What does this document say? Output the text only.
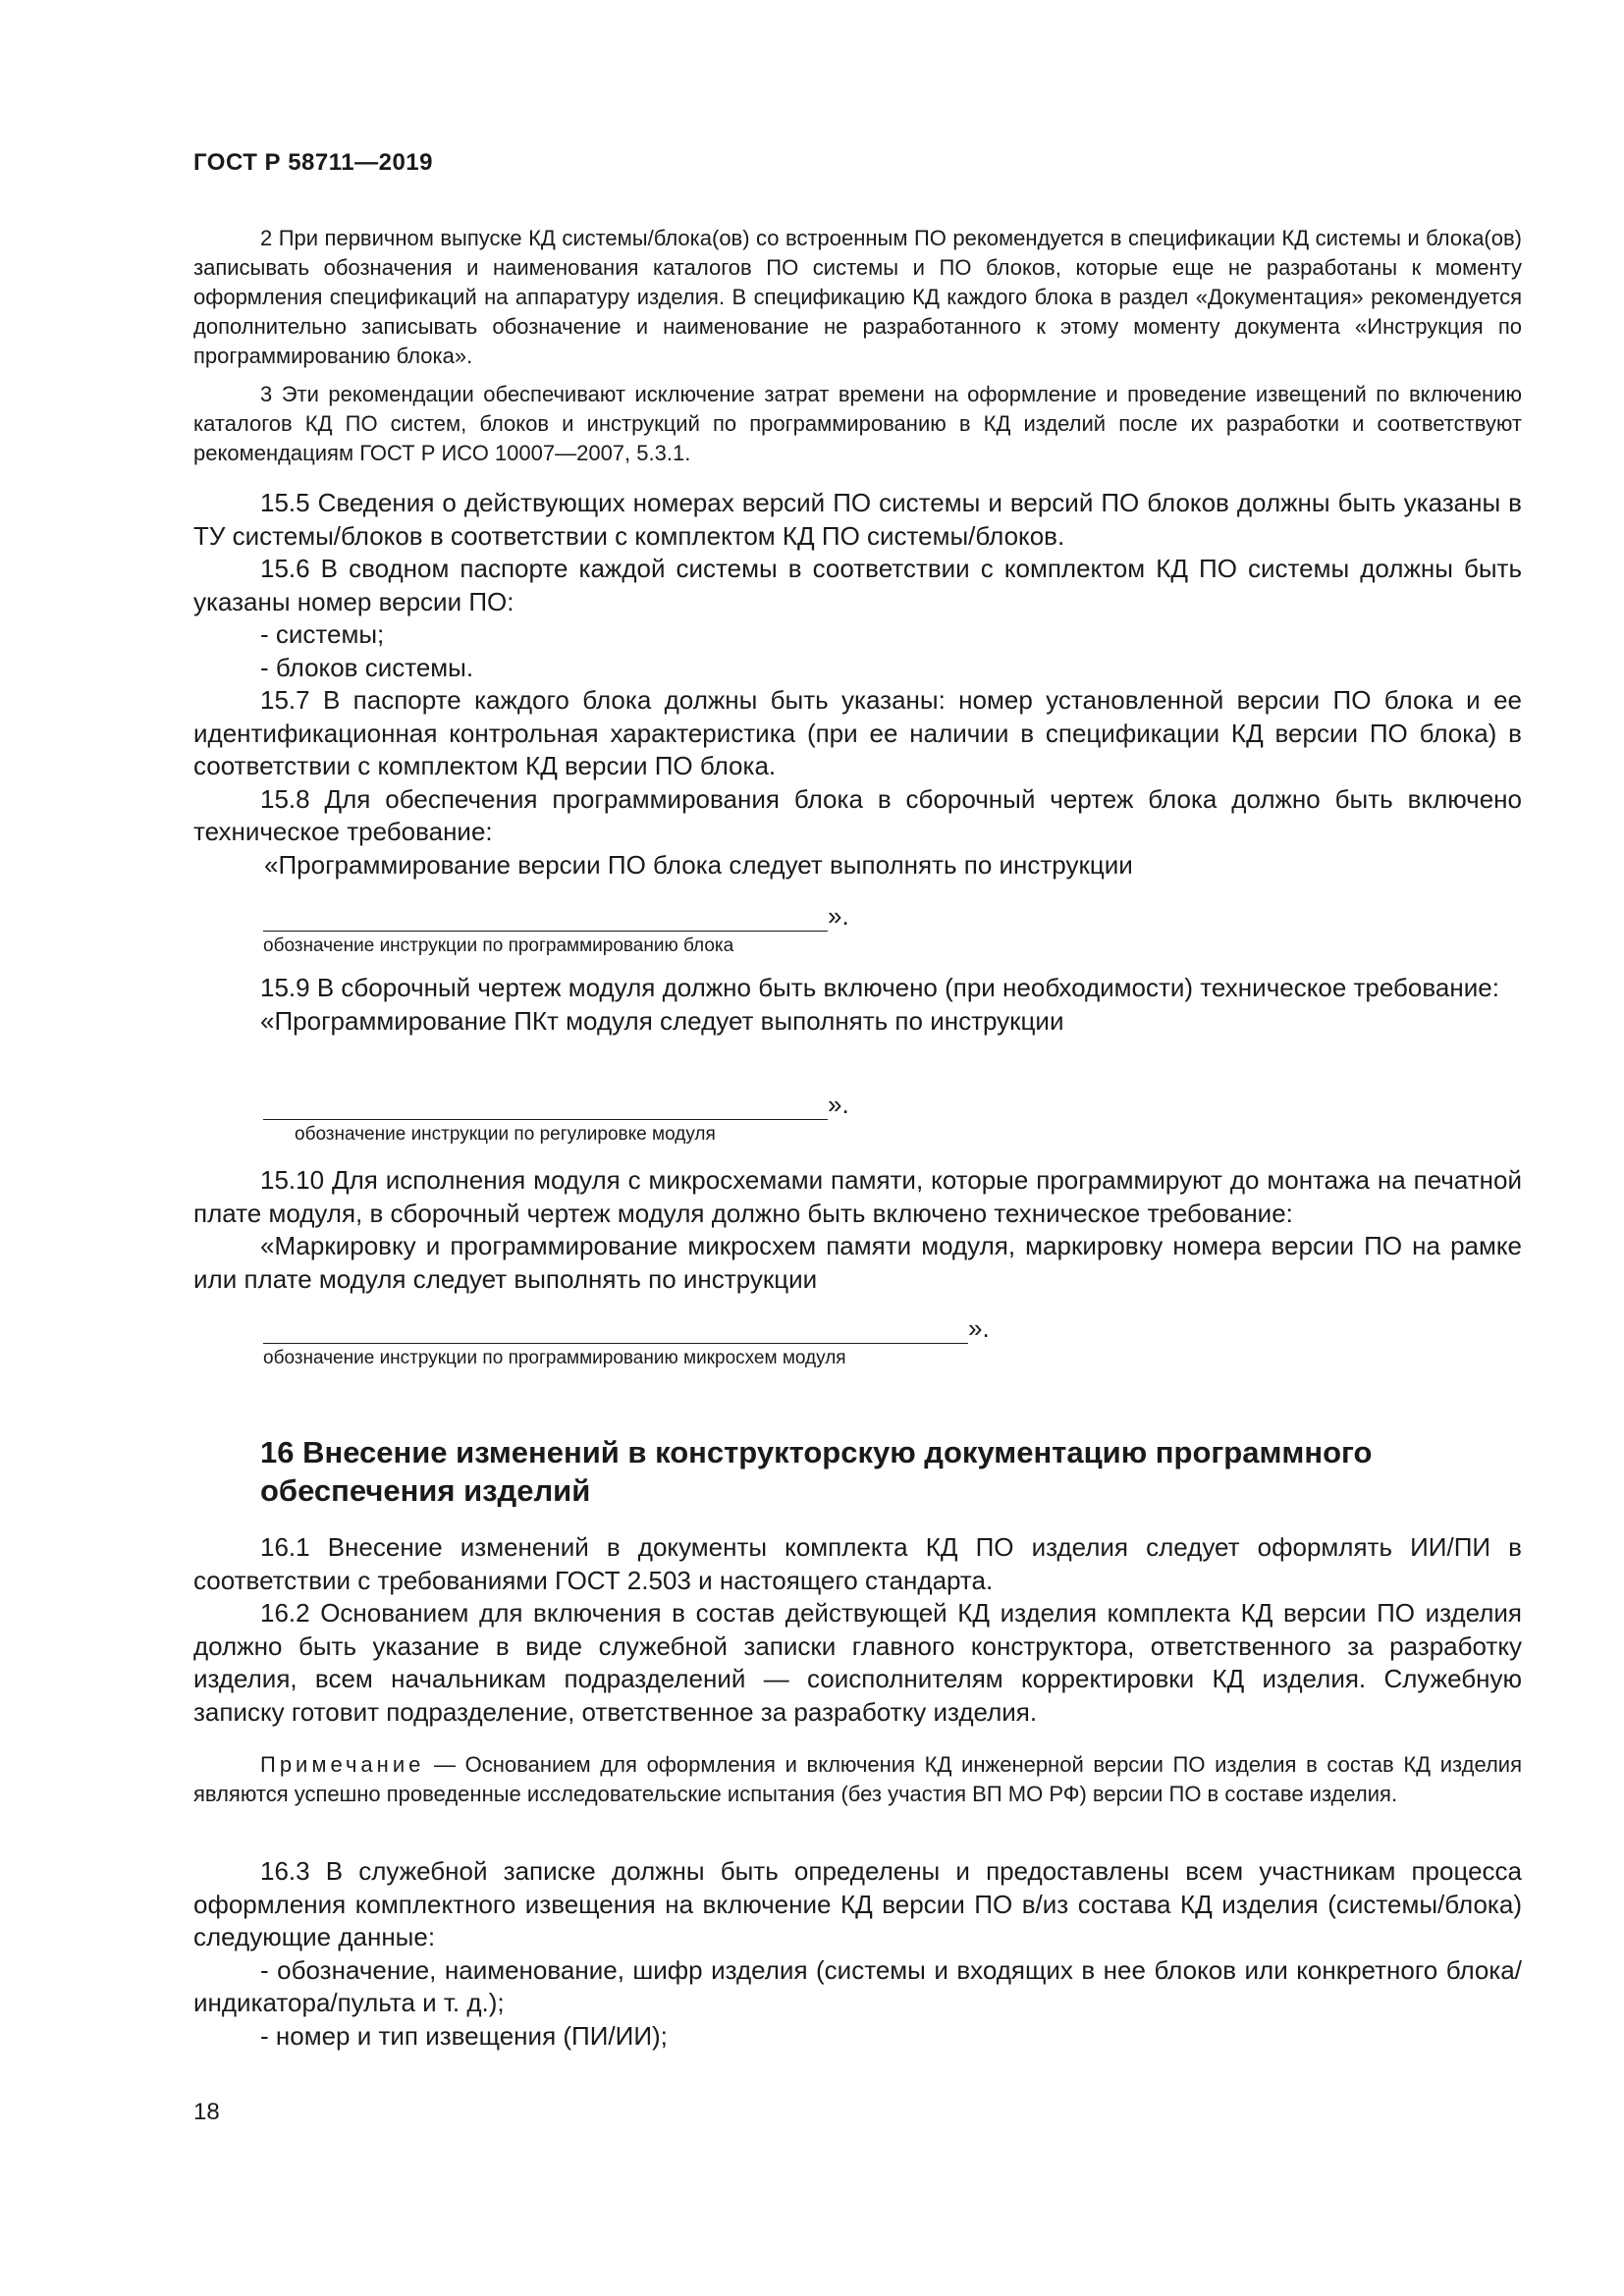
ГОСТ Р 58711—2019

2 При первичном выпуске КД системы/блока(ов) со встроенным ПО рекомендуется в спецификации КД системы и блока(ов) записывать обозначения и наименования каталогов ПО системы и ПО блоков, которые еще не разработаны к моменту оформления спецификаций на аппаратуру изделия. В спецификацию КД каждого блока в раздел «Документация» рекомендуется дополнительно записывать обозначение и наименование не разработанного к этому моменту документа «Инструкция по программированию блока».

3 Эти рекомендации обеспечивают исключение затрат времени на оформление и проведение извещений по включению каталогов КД ПО систем, блоков и инструкций по программированию в КД изделий после их разработки и соответствуют рекомендациям ГОСТ Р ИСО 10007—2007, 5.3.1.

15.5 Сведения о действующих номерах версий ПО системы и версий ПО блоков должны быть указаны в ТУ системы/блоков в соответствии с комплектом КД ПО системы/блоков.

15.6 В сводном паспорте каждой системы в соответствии с комплектом КД ПО системы должны быть указаны номер версии ПО:

- системы;
- блоков системы.

15.7 В паспорте каждого блока должны быть указаны: номер установленной версии ПО блока и ее идентификационная контрольная характеристика (при ее наличии в спецификации КД версии ПО блока) в соответствии с комплектом КД версии ПО блока.

15.8 Для обеспечения программирования блока в сборочный чертеж блока должно быть включено техническое требование:

«Программирование версии ПО блока следует выполнять по инструкции
».
обозначение инструкции по программированию блока

15.9 В сборочный чертеж модуля должно быть включено (при необходимости) техническое требование:

«Программирование ПКт модуля следует выполнять по инструкции
».
обозначение инструкции по регулировке модуля

15.10 Для исполнения модуля с микросхемами памяти, которые программируют до монтажа на печатной плате модуля, в сборочный чертеж модуля должно быть включено техническое требование:

«Маркировку и программирование микросхем памяти модуля, маркировку номера версии ПО на рамке или плате модуля следует выполнять по инструкции

».
обозначение инструкции по программированию микросхем модуля
16 Внесение изменений в конструкторскую документацию программного обеспечения изделий

16.1 Внесение изменений в документы комплекта КД ПО изделия следует оформлять ИИ/ПИ в соответствии с требованиями ГОСТ 2.503 и настоящего стандарта.

16.2 Основанием для включения в состав действующей КД изделия комплекта КД версии ПО изделия должно быть указание в виде служебной записки главного конструктора, ответственного за разработку изделия, всем начальникам подразделений — соисполнителям корректировки КД изделия. Служебную записку готовит подразделение, ответственное за разработку изделия.

Примечание — Основанием для оформления и включения КД инженерной версии ПО изделия в состав КД изделия являются успешно проведенные исследовательские испытания (без участия ВП МО РФ) версии ПО в составе изделия.

16.3 В служебной записке должны быть определены и предоставлены всем участникам процесса оформления комплектного извещения на включение КД версии ПО в/из состава КД изделия (системы/блока) следующие данные:

- обозначение, наименование, шифр изделия (системы и входящих в нее блоков или конкретного блока/индикатора/пульта и т. д.);

- номер и тип извещения (ПИ/ИИ);

18
